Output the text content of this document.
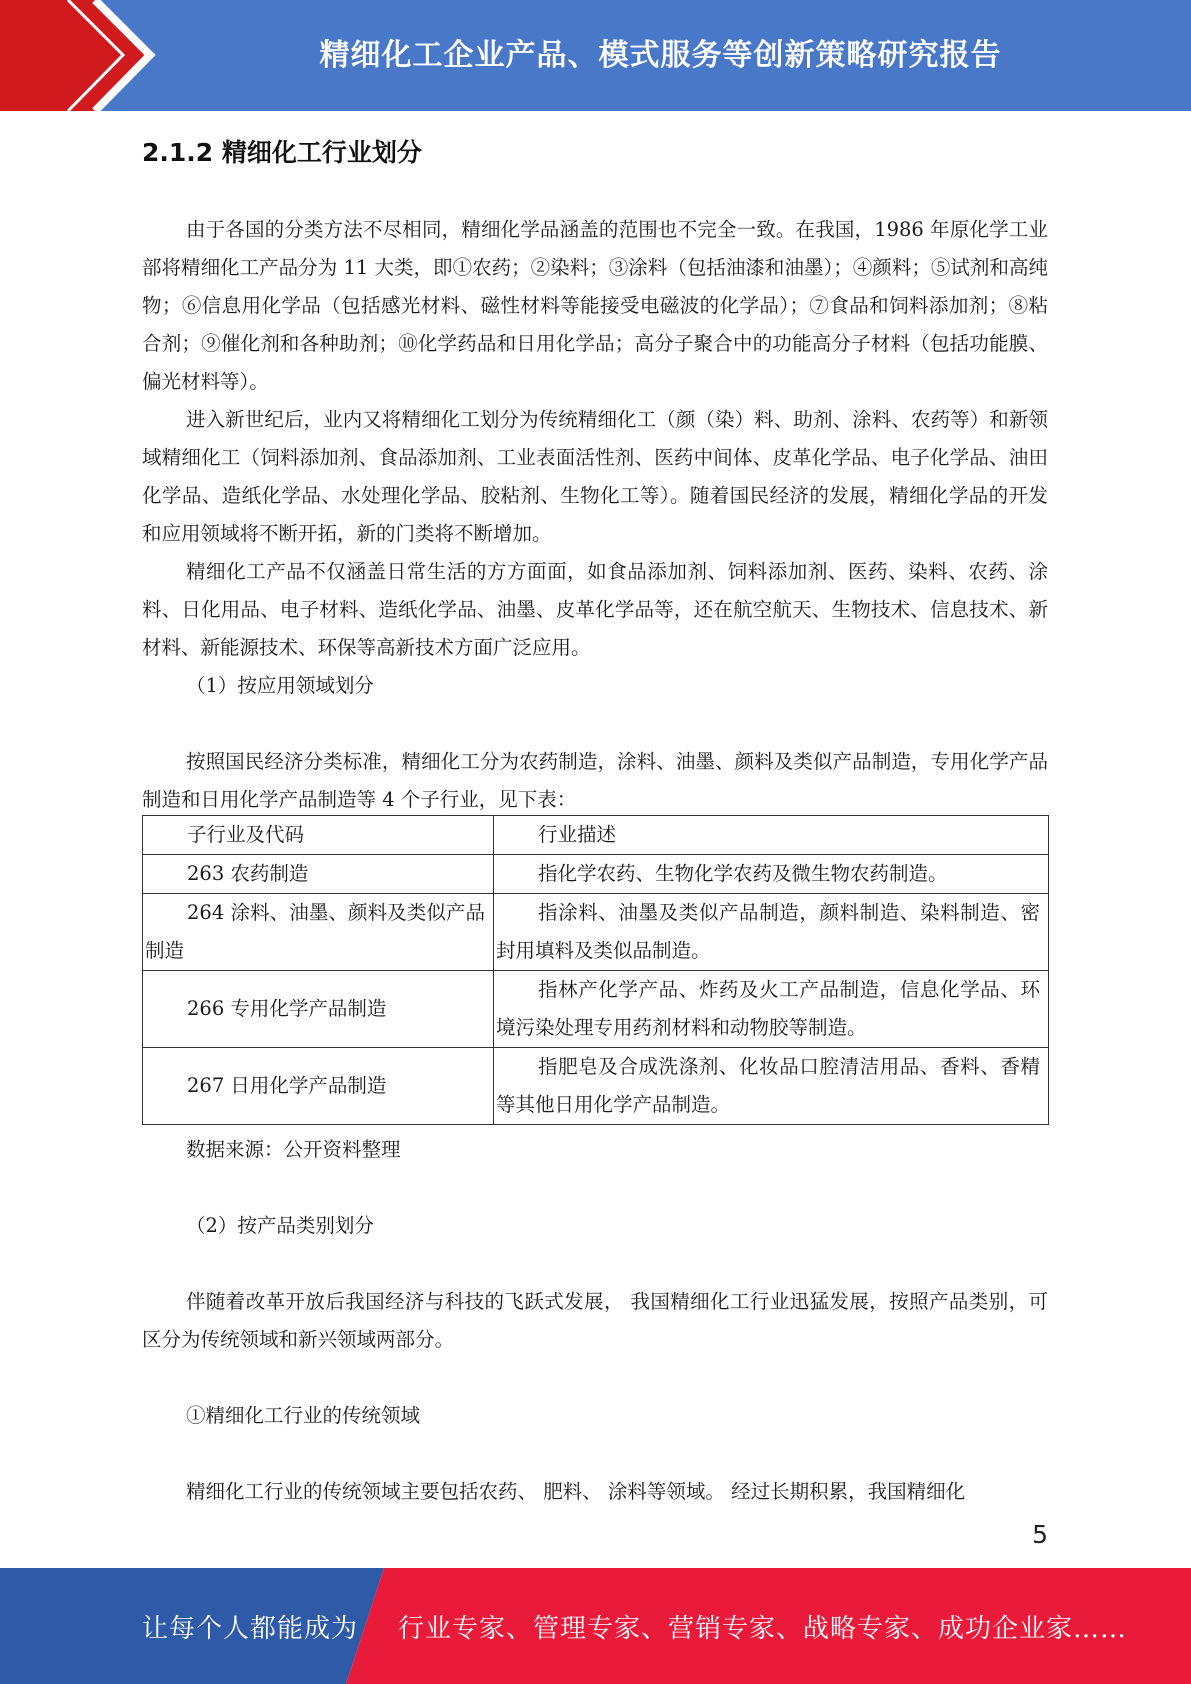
精细化工企业产品、模式服务等创新策略研究报告
2.1.2 精细化工行业划分

由于各国的分类方法不尽相同，精细化学品涵盖的范围也不完全一致。在我国，1986 年原化学工业部将精细化工产品分为 11 大类，即①农药；②染料；③涂料（包括油漆和油墨）；④颜料；⑤试剂和高纯物；⑥信息用化学品（包括感光材料、磁性材料等能接受电磁波的化学品）；⑦食品和饲料添加剂；⑧粘合剂；⑨催化剂和各种助剂；⑩化学药品和日用化学品；高分子聚合中的功能高分子材料（包括功能膜、偏光材料等）。

进入新世纪后，业内又将精细化工划分为传统精细化工（颜（染）料、助剂、涂料、农药等）和新领域精细化工（饲料添加剂、食品添加剂、工业表面活性剂、医药中间体、皮革化学品、电子化学品、油田化学品、造纸化学品、水处理化学品、胶粘剂、生物化工等）。随着国民经济的发展，精细化学品的开发和应用领域将不断开拓，新的门类将不断增加。

精细化工产品不仅涵盖日常生活的方方面面，如食品添加剂、饲料添加剂、医药、染料、农药、涂料、日化用品、电子材料、造纸化学品、油墨、皮革化学品等，还在航空航天、生物技术、信息技术、新材料、新能源技术、环保等高新技术方面广泛应用。

（1）按应用领域划分

按照国民经济分类标准，精细化工分为农药制造，涂料、油墨、颜料及类似产品制造，专用化学产品制造和日用化学产品制造等 4 个子行业，见下表：

子行业及代码	行业描述
263 农药制造	指化学农药、生物化学农药及微生物农药制造。
264 涂料、油墨、颜料及类似产品制造	指涂料、油墨及类似产品制造，颜料制造、染料制造、密封用填料及类似品制造。
266 专用化学产品制造	指林产化学产品、炸药及火工产品制造，信息化学品、环境污染处理专用药剂材料和动物胶等制造。
267 日用化学产品制造	指肥皂及合成洗涤剂、化妆品口腔清洁用品、香料、香精等其他日用化学产品制造。
数据来源：公开资料整理
（2）按产品类别划分

伴随着改革开放后我国经济与科技的飞跃式发展， 我国精细化工行业迅猛发展，按照产品类别，可区分为传统领域和新兴领域两部分。

①精细化工行业的传统领域

精细化工行业的传统领域主要包括农药、 肥料、 涂料等领域。 经过长期积累，我国精细化

5
让每个人都能成为 行业专家、管理专家、营销专家、战略专家、成功企业家……
